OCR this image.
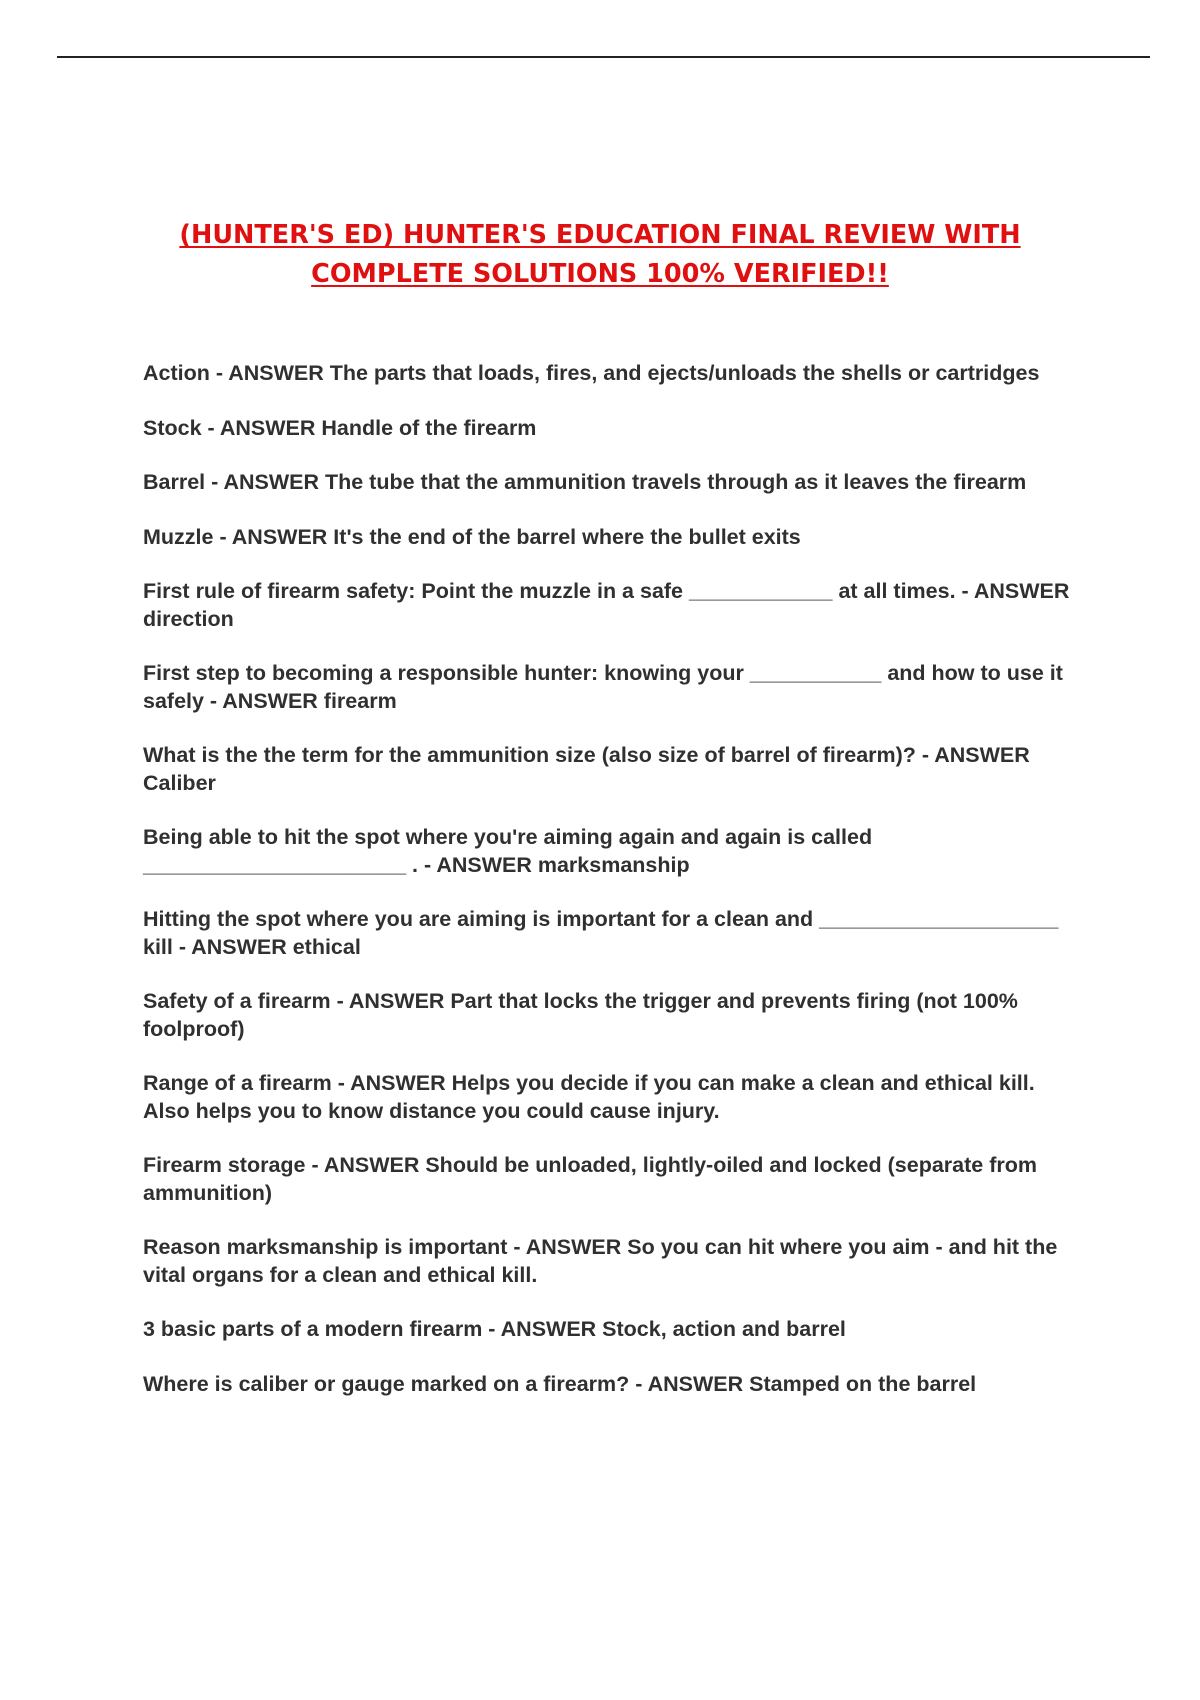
(HUNTER'S ED) HUNTER'S EDUCATION FINAL REVIEW WITH
COMPLETE SOLUTIONS 100% VERIFIED!!
Action - ANSWER The parts that loads, fires, and ejects/unloads the shells or cartridges
Stock - ANSWER Handle of the firearm
Barrel - ANSWER The tube that the ammunition travels through as it leaves the firearm
Muzzle - ANSWER It's the end of the barrel where the bullet exits
First rule of firearm safety: Point the muzzle in a safe ____________ at all times. - ANSWER direction
First step to becoming a responsible hunter: knowing your ___________ and how to use it safely - ANSWER firearm
What is the the term for the ammunition size (also size of barrel of firearm)? - ANSWER Caliber
Being able to hit the spot where you're aiming again and again is called ______________________ . - ANSWER marksmanship
Hitting the spot where you are aiming is important for a clean and ____________________ kill - ANSWER ethical
Safety of a firearm - ANSWER Part that locks the trigger and prevents firing (not 100% foolproof)
Range of a firearm - ANSWER Helps you decide if you can make a clean and ethical kill. Also helps you to know distance you could cause injury.
Firearm storage - ANSWER Should be unloaded, lightly-oiled and locked (separate from ammunition)
Reason marksmanship is important - ANSWER So you can hit where you aim - and hit the vital organs for a clean and ethical kill.
3 basic parts of a modern firearm - ANSWER Stock, action and barrel
Where is caliber or gauge marked on a firearm? - ANSWER Stamped on the barrel
